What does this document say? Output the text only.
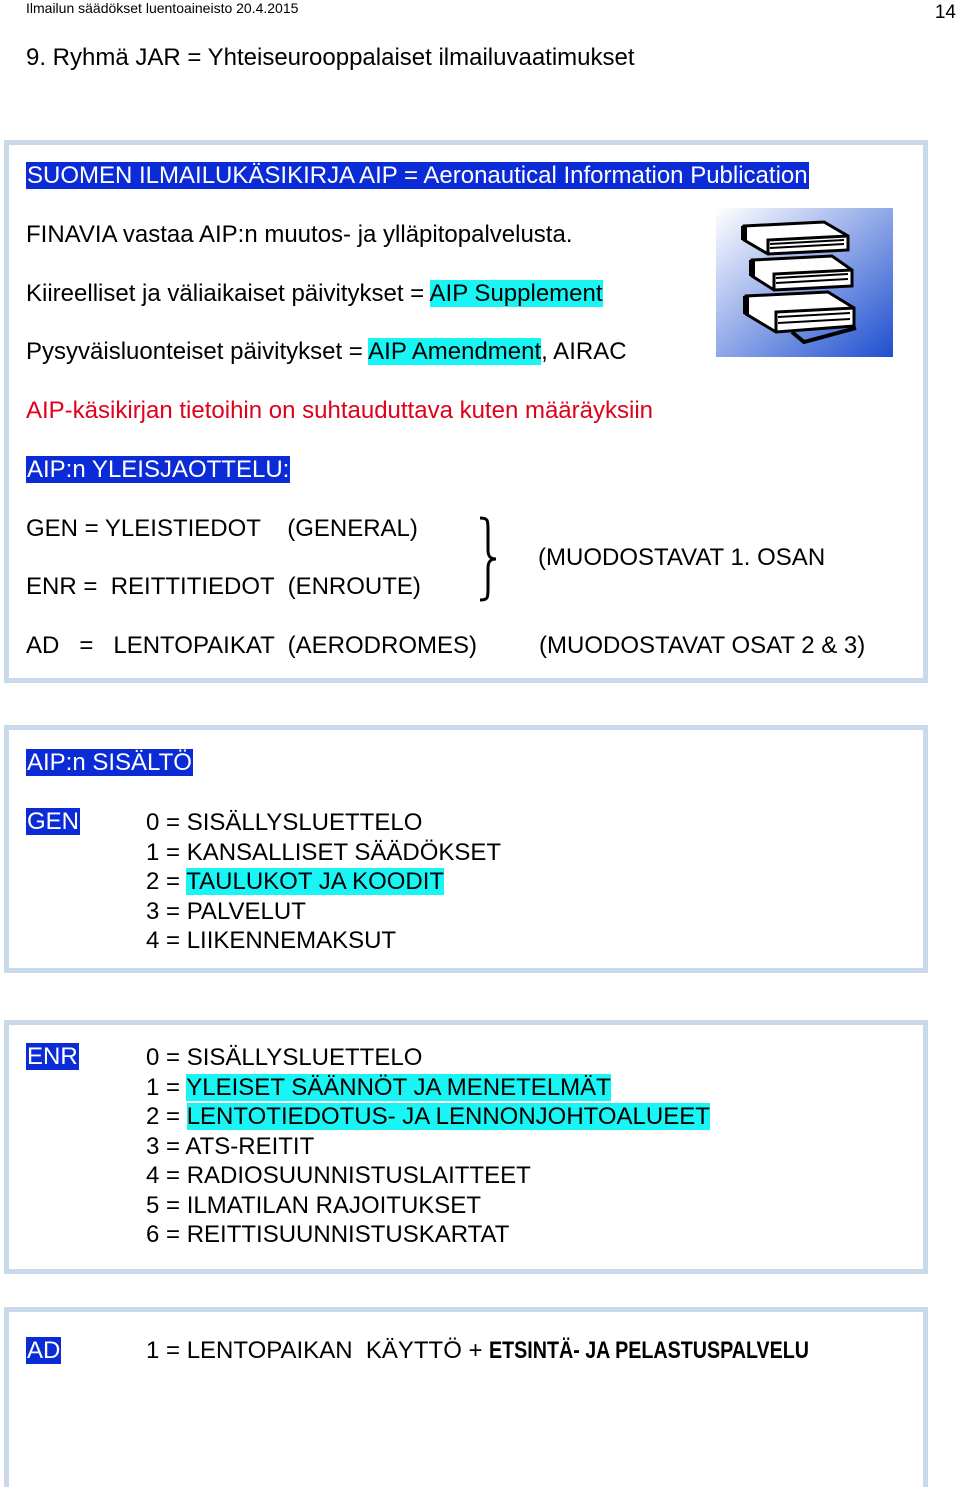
Ilmailun säädökset luentoaineisto 20.4.2015	14
9. Ryhmä JAR = Yhteiseurooppalaiset ilmailuvaatimukset
SUOMEN ILMAILUKÄSIKIRJA AIP = Aeronautical Information Publication
FINAVIA vastaa AIP:n muutos- ja ylläpitopalvelusta.
Kiireelliset ja väliaikaiset päivitykset = AIP Supplement
Pysyväisluonteiset päivitykset = AIP Amendment, AIRAC
AIP-käsikirjan tietoihin on suhtauduttava kuten määräyksiin
AIP:n YLEISJAOTTELU:
GEN = YLEISTIEDOT    (GENERAL)
ENR =  REITTITIEDOT  (ENROUTE)
(MUODOSTAVAT 1. OSAN
AD   =   LENTOPAIKAT  (AERODROMES)	(MUODOSTAVAT OSAT 2 & 3)
AIP:n SISÄLTÖ
GEN	0 = SISÄLLYSLUETTELO
1 = KANSALLISET SÄÄDÖKSET
2 = TAULUKOT JA KOODIT
3 = PALVELUT
4 = LIIKENNEMAKSUT
ENR	0 = SISÄLLYSLUETTELO
1 = YLEISET SÄÄNNÖT JA MENETELMÄT
2 = LENTOTIEDOTUS- JA LENNONJOHTOALUEET
3 = ATS-REITIT
4 = RADIOSUUNNISTUSLAITTEET
5 = ILMATILAN RAJOITUKSET
6 = REITTISUUNNISTUSKARTAT
AD	1 = LENTOPAIKAN  KÄYTTÖ + ETSINTÄ- JA PELASTUSPALVELU
